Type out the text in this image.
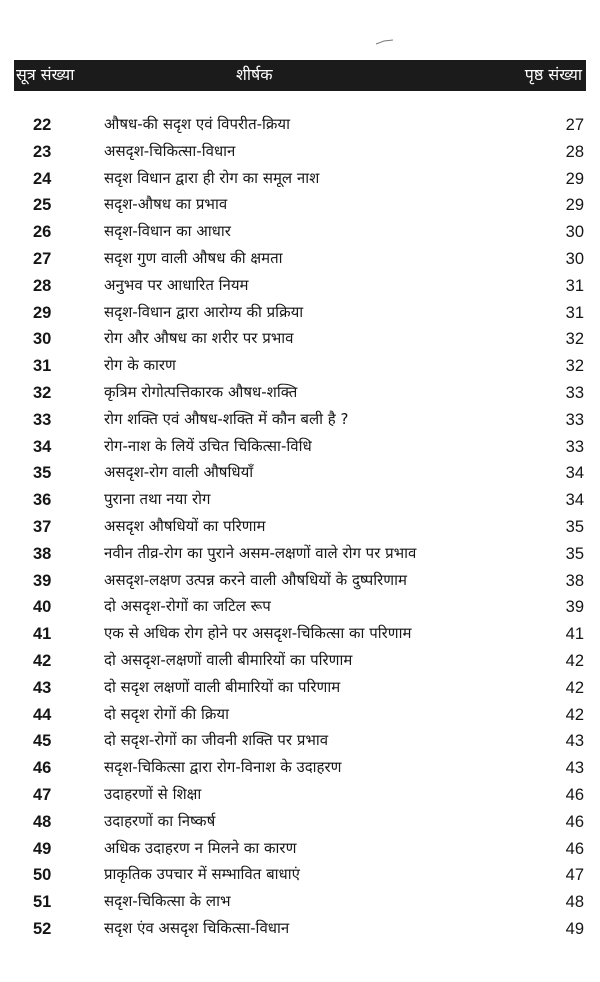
सूत्र संख्या	शीर्षक	पृष्ठ संख्या
22	औषध-की सदृश एवं विपरीत-क्रिया	27
23	असदृश-चिकित्सा-विधान	28
24	सदृश विधान द्वारा ही रोग का समूल नाश	29
25	सदृश-औषध का प्रभाव	29
26	सदृश-विधान का आधार	30
27	सदृश गुण वाली औषध की क्षमता	30
28	अनुभव पर आधारित नियम	31
29	सदृश-विधान द्वारा आरोग्य की प्रक्रिया	31
30	रोग और औषध का शरीर पर प्रभाव	32
31	रोग के कारण	32
32	कृत्रिम रोगोत्पत्तिकारक औषध-शक्ति	33
33	रोग शक्ति एवं औषध-शक्ति में कौन बली है ?	33
34	रोग-नाश के लियें उचित चिकित्सा-विधि	33
35	असदृश-रोग वाली औषधियाँ	34
36	पुराना तथा नया रोग	34
37	असदृश औषधियों का परिणाम	35
38	नवीन तीव्र-रोग का पुराने असम-लक्षणों वाले रोग पर प्रभाव	35
39	असदृश-लक्षण उत्पन्न करने वाली औषधियों के दुष्परिणाम	38
40	दो असदृश-रोगों का जटिल रूप	39
41	एक से अधिक रोग होने पर असदृश-चिकित्सा का परिणाम	41
42	दो असदृश-लक्षणों वाली बीमारियों का परिणाम	42
43	दो सदृश लक्षणों वाली बीमारियों का परिणाम	42
44	दो सदृश रोगों की क्रिया	42
45	दो सदृश-रोगों का जीवनी शक्ति पर प्रभाव	43
46	सदृश-चिकित्सा द्वारा रोग-विनाश के उदाहरण	43
47	उदाहरणों से शिक्षा	46
48	उदाहरणों का निष्कर्ष	46
49	अधिक उदाहरण न मिलने का कारण	46
50	प्राकृतिक उपचार में सम्भावित बाधाएं	47
51	सदृश-चिकित्सा के लाभ	48
52	सदृश एंव असदृश चिकित्सा-विधान	49
